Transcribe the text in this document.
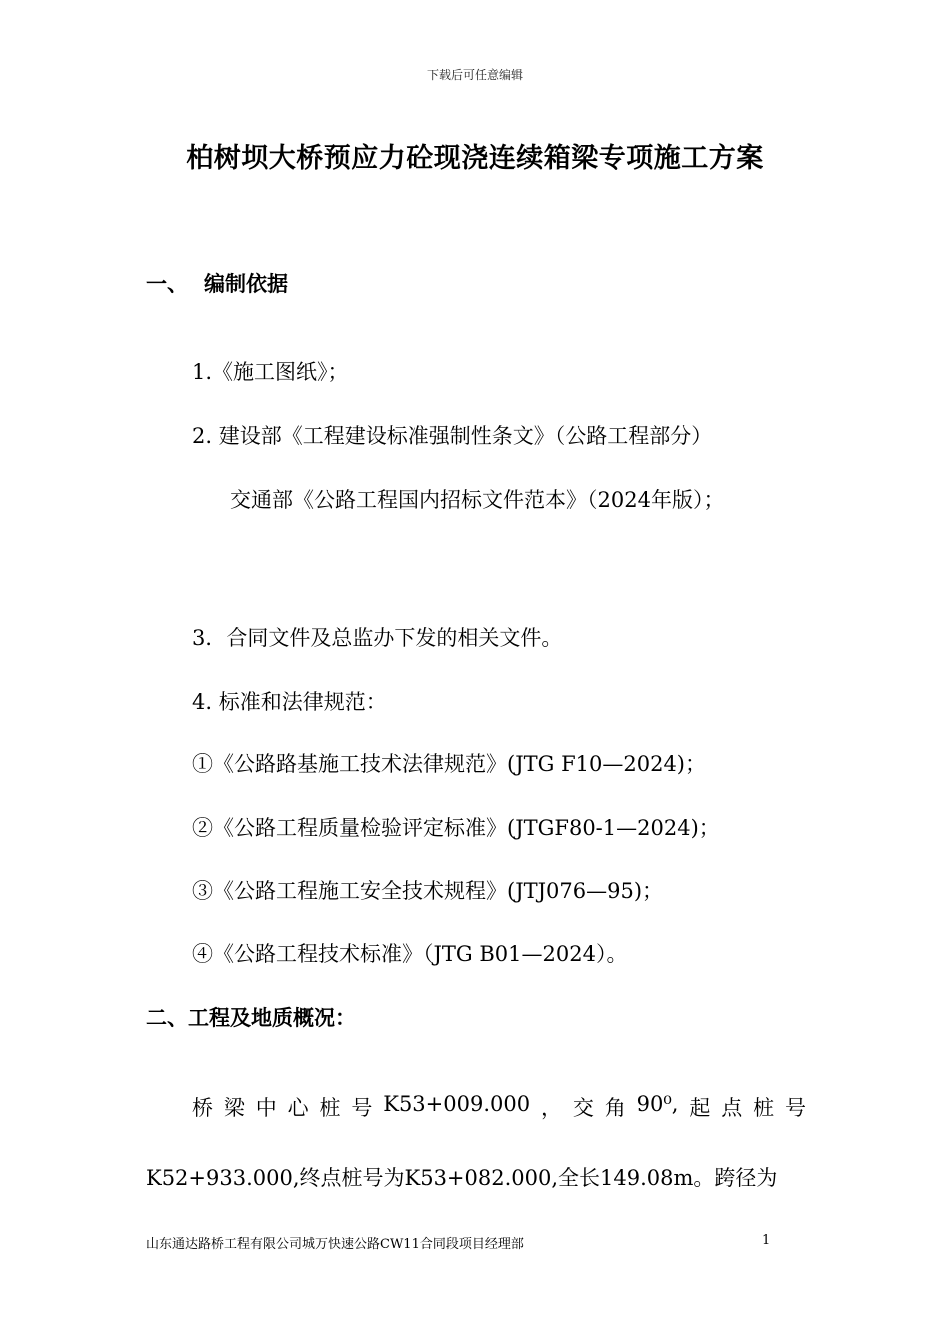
下载后可任意编辑
柏树坝大桥预应力砼现浇连续箱梁专项施工方案
一、 编制依据
1.《施工图纸》；
2. 建设部《工程建设标准强制性条文》（公路工程部分）
交通部《公路工程国内招标文件范本》（2024年版）；
3．合同文件及总监办下发的相关文件。
4. 标准和法律规范：
①《公路路基施工技术法律规范》(JTG F10—2024)；
②《公路工程质量检验评定标准》(JTGF80-1—2024)；
③《公路工程施工安全技术规程》(JTJ076—95)；
④《公路工程技术标准》（JTG B01—2024）。
二、工程及地质概况：
桥 梁 中 心 桩 号 K53+009.000 ， 交 角 90⁰, 起 点 桩 号
K52+933.000,终点桩号为K53+082.000,全长149.08m。跨径为
山东通达路桥工程有限公司城万快速公路CW11合同段项目经理部	1
